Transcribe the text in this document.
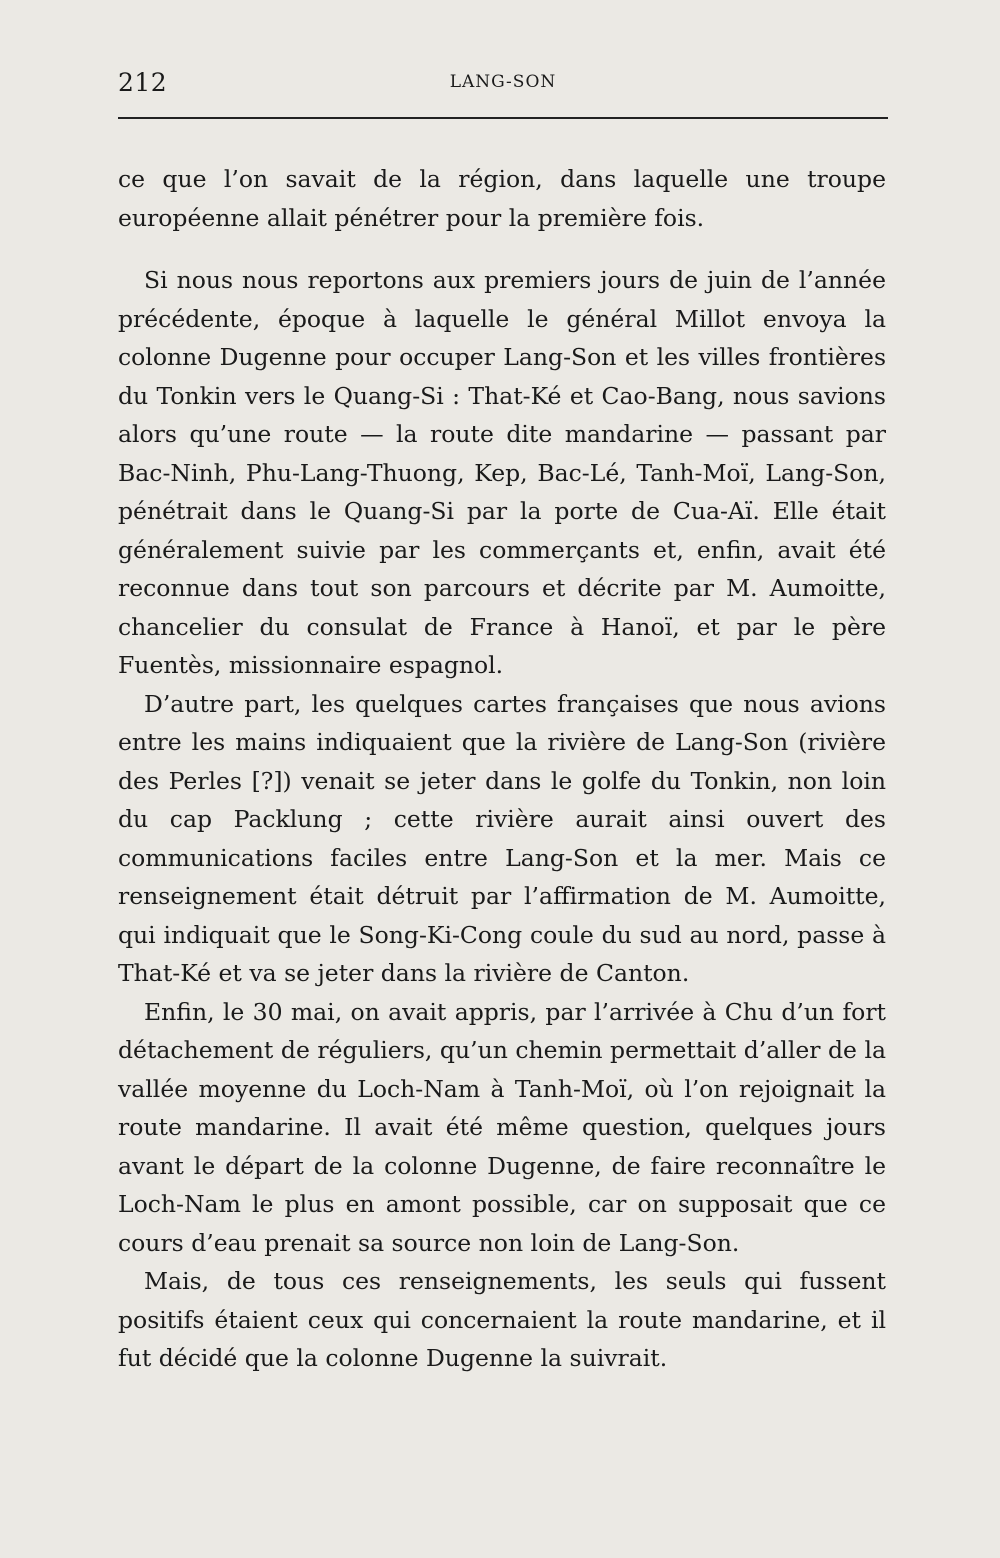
212	LANG-SON

ce que l’on savait de la région, dans laquelle une troupe européenne allait pénétrer pour la première fois.

Si nous nous reportons aux premiers jours de juin de l’année précédente, époque à laquelle le général Millot envoya la colonne Dugenne pour occuper Lang-Son et les villes frontières du Tonkin vers le Quang-Si : That-Ké et Cao-Bang, nous savions alors qu’une route — la route dite mandarine — passant par Bac-Ninh, Phu-Lang-Thuong, Kep, Bac-Lé, Tanh-Moï, Lang-Son, pénétrait dans le Quang-Si par la porte de Cua-Aï. Elle était généralement suivie par les commerçants et, enfin, avait été reconnue dans tout son parcours et décrite par M. Aumoitte, chancelier du consulat de France à Hanoï, et par le père Fuentès, missionnaire espagnol.

D’autre part, les quelques cartes françaises que nous avions entre les mains indiquaient que la rivière de Lang-Son (rivière des Perles [?]) venait se jeter dans le golfe du Tonkin, non loin du cap Packlung ; cette rivière aurait ainsi ouvert des communications faciles entre Lang-Son et la mer. Mais ce renseignement était détruit par l’affirmation de M. Aumoitte, qui indiquait que le Song-Ki-Cong coule du sud au nord, passe à That-Ké et va se jeter dans la rivière de Canton.

Enfin, le 30 mai, on avait appris, par l’arrivée à Chu d’un fort détachement de réguliers, qu’un chemin permettait d’aller de la vallée moyenne du Loch-Nam à Tanh-Moï, où l’on rejoignait la route mandarine. Il avait été même question, quelques jours avant le départ de la colonne Dugenne, de faire reconnaître le Loch-Nam le plus en amont possible, car on supposait que ce cours d’eau prenait sa source non loin de Lang-Son.

Mais, de tous ces renseignements, les seuls qui fussent positifs étaient ceux qui concernaient la route mandarine, et il fut décidé que la colonne Dugenne la suivrait.
